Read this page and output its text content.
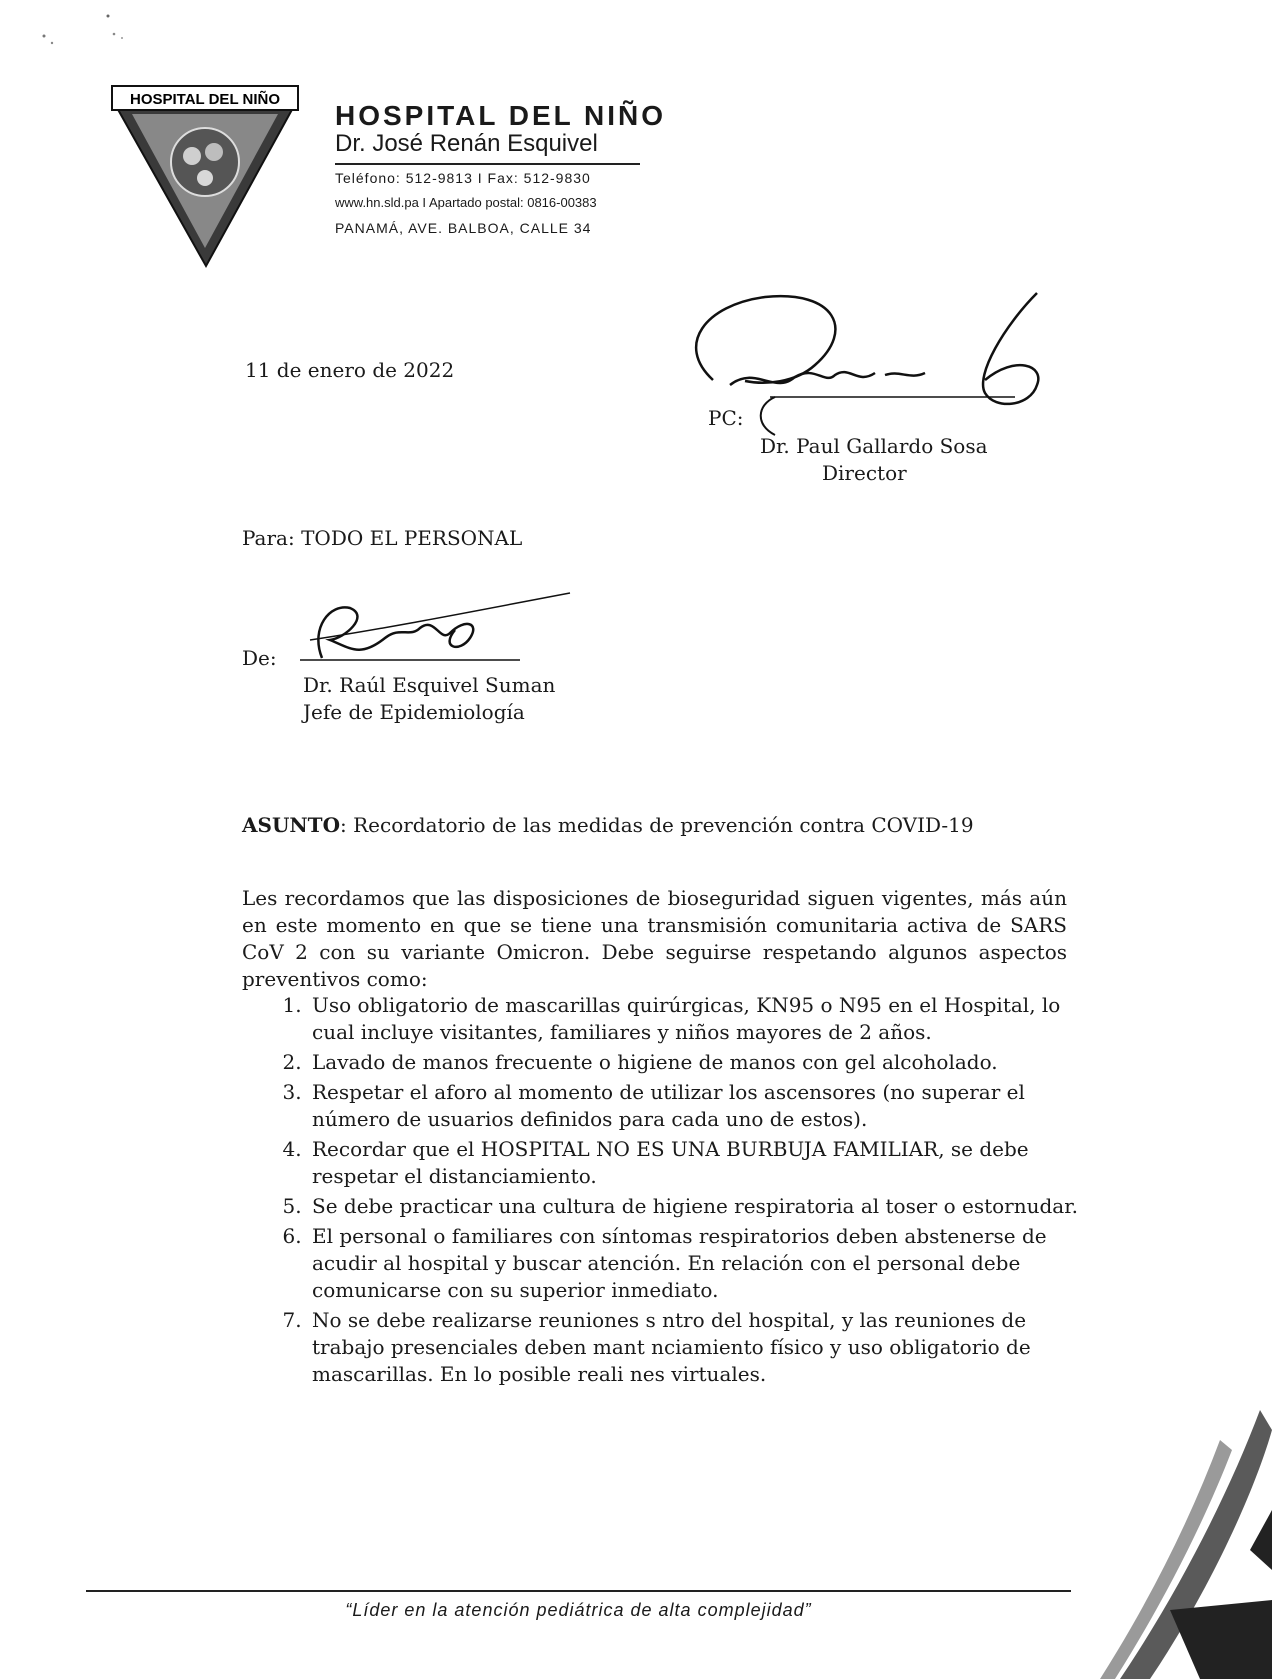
HOSPITAL DEL NIÑO
HOSPITAL DEL NIÑO
Dr. José Renán Esquivel
Teléfono: 512-9813 I Fax: 512-9830
www.hn.sld.pa I Apartado postal: 0816-00383
PANAMÁ, AVE. BALBOA, CALLE 34
11 de enero de 2022
PC:
Dr. Paul Gallardo Sosa
Director
Para: TODO EL PERSONAL
De:
Dr. Raúl Esquivel Suman
Jefe de Epidemiología
ASUNTO: Recordatorio de las medidas de prevención contra COVID-19
Les recordamos que las disposiciones de bioseguridad siguen vigentes, más aún en este momento en que se tiene una transmisión comunitaria activa de SARS CoV 2 con su variante Omicron. Debe seguirse respetando algunos aspectos preventivos como:
1. Uso obligatorio de mascarillas quirúrgicas, KN95 o N95 en el Hospital, lo cual incluye visitantes, familiares y niños mayores de 2 años.
2. Lavado de manos frecuente o higiene de manos con gel alcoholado.
3. Respetar el aforo al momento de utilizar los ascensores (no superar el número de usuarios definidos para cada uno de estos).
4. Recordar que el HOSPITAL NO ES UNA BURBUJA FAMILIAR, se debe respetar el distanciamiento.
5. Se debe practicar una cultura de higiene respiratoria al toser o estornudar.
6. El personal o familiares con síntomas respiratorios deben abstenerse de acudir al hospital y buscar atención. En relación con el personal debe comunicarse con su superior inmediato.
7. No se debe realizarse reuniones s ntro del hospital, y las reuniones de trabajo presenciales deben mant nciamiento físico y uso obligatorio de mascarillas. En lo posible reali nes virtuales.
“Líder en la atención pediátrica de alta complejidad”
